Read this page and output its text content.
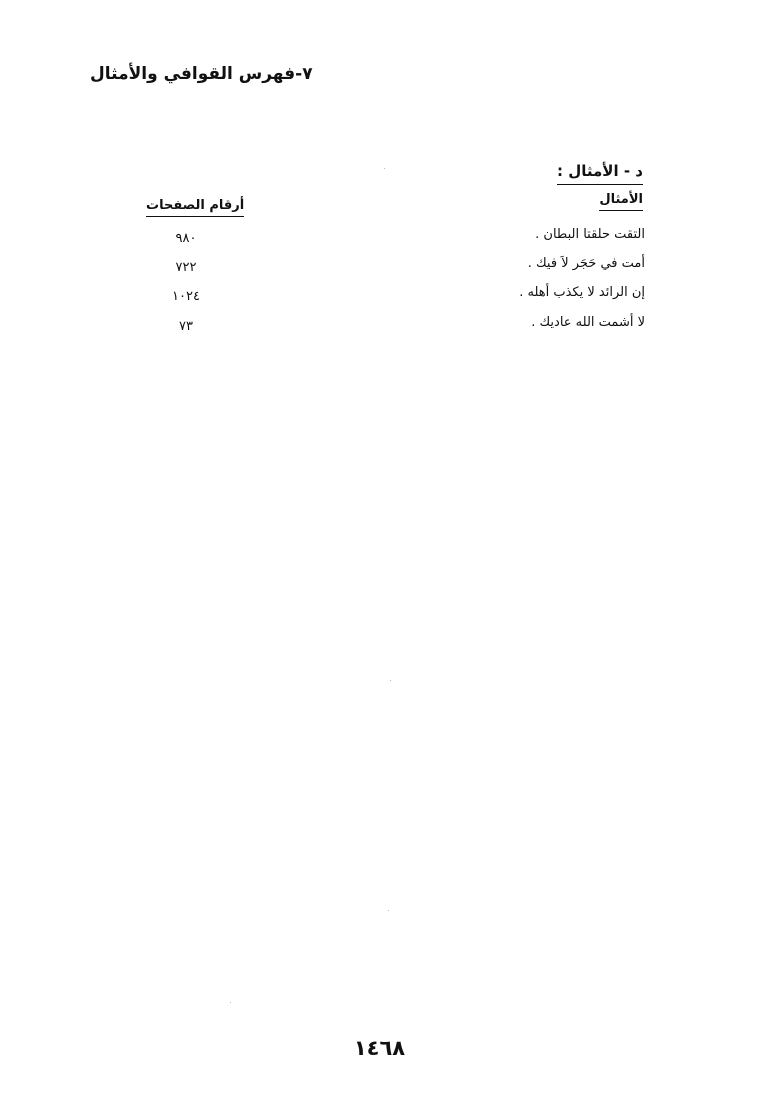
٧-فهرس القوافي والأمثال
د - الأمثال :
الأمثال
أرقام الصفحات
التقت حلقتا البطان .
٩٨٠
أمت في حَجَر لاَ فيك .
٧٢٢
إن الرائد لا يكذب أهله .
١٠٢٤
لا أشمت الله عاديك .
٧٣
١٤٦٨
